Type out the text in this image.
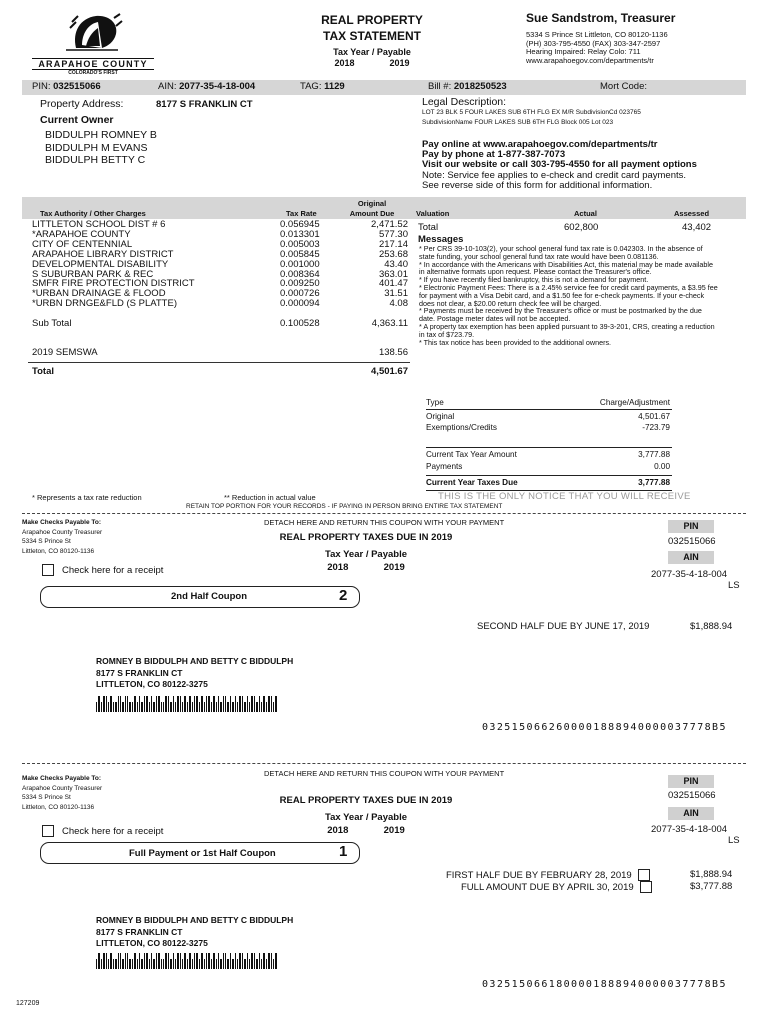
ARAPAHOE COUNTY
COLORADO'S FIRST
REAL PROPERTY
TAX STATEMENT
Tax Year / Payable
2018	2019
Sue Sandstrom, Treasurer
5334 S Prince St Littleton, CO 80120-1136
(PH) 303-795-4550 (FAX) 303-347-2597
Hearing Impaired: Relay Colo: 711
www.arapahoegov.com/departments/tr
PIN: 032515066	AIN: 2077-35-4-18-004	TAG: 1129	Bill #: 2018250523	Mort Code:
Property Address:	8177 S FRANKLIN CT
Current Owner
BIDDULPH ROMNEY B
BIDDULPH M EVANS
BIDDULPH BETTY C
Legal Description:
LOT 23 BLK 5 FOUR LAKES SUB 6TH FLG EX M/R SubdivisionCd 023765
SubdivisionName FOUR LAKES SUB 6TH FLG Block 005 Lot 023
Pay online at www.arapahoegov.com/departments/tr
Pay by phone at 1-877-387-7073
Visit our website or call 303-795-4550 for all payment options
Note: Service fee applies to e-check and credit card payments.
See reverse side of this form for additional information.
Tax Authority / Other Charges	Tax Rate
Original
Amount Due	Valuation	Actual	Assessed
LITTLETON SCHOOL DIST # 6	0.056945	2,471.52
*ARAPAHOE COUNTY	0.013301	577.30
CITY OF CENTENNIAL	0.005003	217.14
ARAPAHOE LIBRARY DISTRICT	0.005845	253.68
DEVELOPMENTAL DISABILITY	0.001000	43.40
S SUBURBAN PARK & REC	0.008364	363.01
SMFR FIRE PROTECTION DISTRICT	0.009250	401.47
*URBAN DRAINAGE & FLOOD	0.000726	31.51
*URBN DRNGE&FLD (S PLATTE)	0.000094	4.08
Sub Total	0.100528	4,363.11
2019 SEMSWA	138.56
Total	4,501.67
Total	602,800	43,402
Messages
* Per CRS 39-10-103(2), your school general fund tax rate is 0.042303. In the absence of state funding, your school general fund tax rate would have been 0.081136.
* In accordance with the Americans with Disabilities Act, this material may be made available in alternative formats upon request. Please contact the Treasurer's office.
* If you have recently filed bankruptcy, this is not a demand for payment.
* Electronic Payment Fees: There is a 2.45% service fee for credit card payments, a $3.95 fee for payment with a Visa Debit card, and a $1.50 fee for e-check payments. If your e-check does not clear, a $20.00 return check fee will be charged.
* Payments must be received by the Treasurer's office or must be postmarked by the due date. Postage meter dates will not be accepted.
* A property tax exemption has been applied pursuant to 39-3-201, CRS, creating a reduction in tax of $723.79.
* This tax notice has been provided to the additional owners.
Type	Charge/Adjustment
Original	4,501.67
Exemptions/Credits	-723.79
Current Tax Year Amount	3,777.88
Payments	0.00
Current Year Taxes Due	3,777.88
* Represents a tax rate reduction	** Reduction in actual value	THIS IS THE ONLY NOTICE THAT YOU WILL RECEIVE
RETAIN TOP PORTION FOR YOUR RECORDS - IF PAYING IN PERSON BRING ENTIRE TAX STATEMENT
Make Checks Payable To:
Arapahoe County Treasurer
5334 S Prince St
Littleton, CO 80120-1136
DETACH HERE AND RETURN THIS COUPON WITH YOUR PAYMENT
REAL PROPERTY TAXES DUE IN 2019
Tax Year / Payable
2018	2019
PIN
032515066
AIN
2077-35-4-18-004
LS
Check here for a receipt
2nd Half Coupon	2
SECOND HALF DUE BY JUNE 17, 2019	$1,888.94
ROMNEY B BIDDULPH AND BETTY C BIDDULPH
8177 S FRANKLIN CT
LITTLETON, CO 80122-3275
0325150662600001888940000037778B5
DETACH HERE AND RETURN THIS COUPON WITH YOUR PAYMENT
Make Checks Payable To:
Arapahoe County Treasurer
5334 S Prince St
Littleton, CO 80120-1136
REAL PROPERTY TAXES DUE IN 2019
Tax Year / Payable
2018	2019
PIN
032515066
AIN
2077-35-4-18-004
LS
Check here for a receipt
Full Payment or 1st Half Coupon	1
FIRST HALF DUE BY FEBRUARY 28, 2019	$1,888.94
FULL AMOUNT DUE BY APRIL 30, 2019	$3,777.88
ROMNEY B BIDDULPH AND BETTY C BIDDULPH
8177 S FRANKLIN CT
LITTLETON, CO 80122-3275
0325150661800001888940000037778B5
127209
